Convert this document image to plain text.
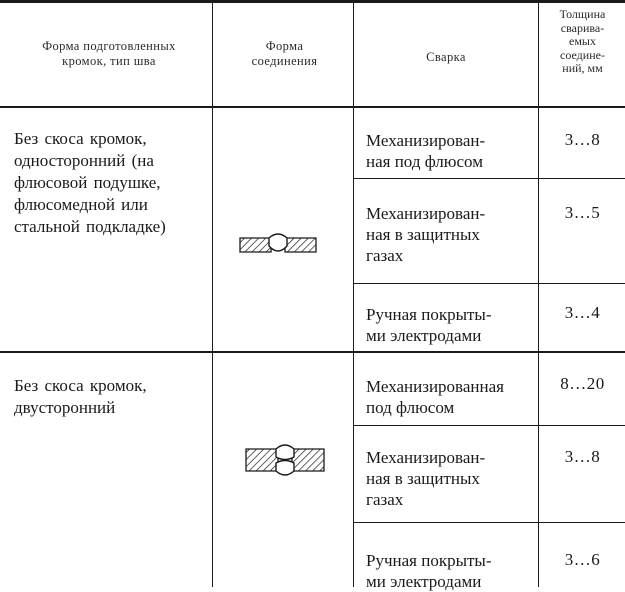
Форма подготовленных
кромок, тип шва
Форма
соединения	Сварка
Толщина
сварива-
емых
соедине-
ний, мм
Без скоса кромок,
односторонний (на
флюсовой подушке,
флюсомедной или
стальной подкладке)
Механизирован-
ная под флюсом
3…8
Механизирован-
ная в защитных
газах
3…5
Ручная покрыты-
ми электродами
3…4
Без скоса кромок,
двусторонний
Механизированная
под флюсом
8…20
Механизирован-
ная в защитных
газах
3…8
Ручная покрыты-
ми электродами
3…6
